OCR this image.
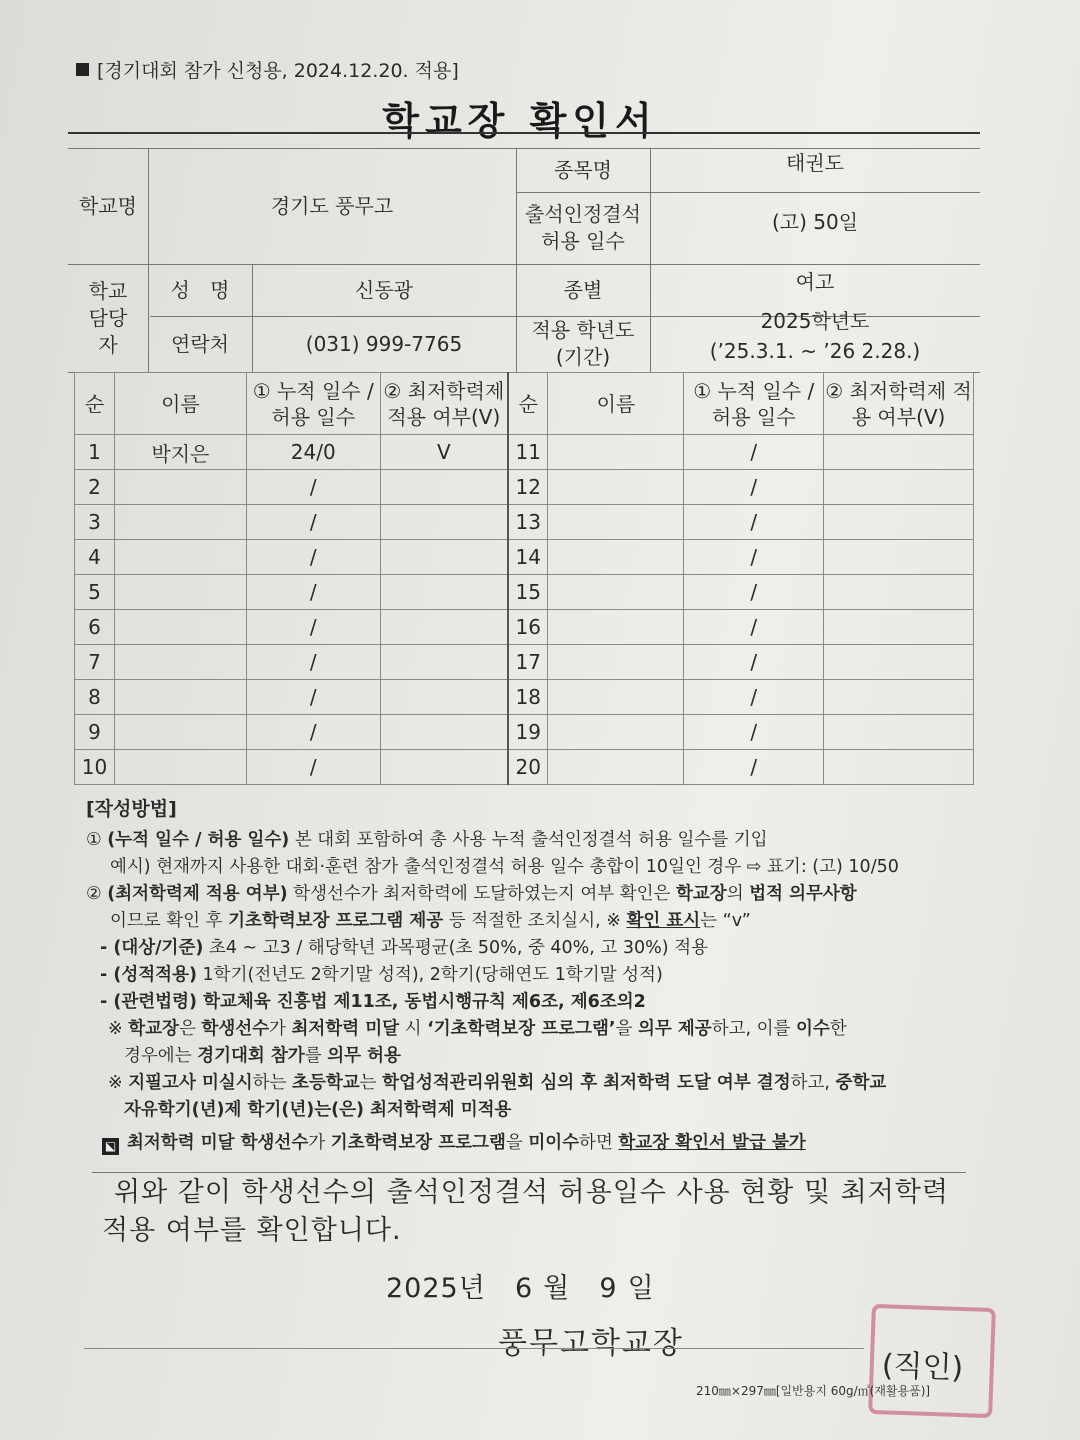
[경기대회 참가 신청용, 2024.12.20. 적용]
학교장 확인서
학교명	경기도 풍무고
종목명	태권도
출석인정결석 허용 일수
(고) 50일
학교 담당자
성 명	신동광
연락처	(031) 999-7765
종별	여고
적용 학년도 (기간)
2025학년도
(’25.3.1. ~ ’26 2.28.)
순	이름	① 누적 일수 / 허용 일수	② 최저학력제 적용 여부(V)	순	이름	① 누적 일수 / 허용 일수	② 최저학력제 적용 여부(V)
1	박지은	24/0	V	11		/	
2		/		12		/	
3		/		13		/	
4		/		14		/	
5		/		15		/	
6		/		16		/	
7		/		17		/	
8		/		18		/	
9		/		19		/	
10		/		20		/	
[작성방법]
① (누적 일수 / 허용 일수) 본 대회 포함하여 총 사용 누적 출석인정결석 허용 일수를 기입
예시) 현재까지 사용한 대회·훈련 참가 출석인정결석 허용 일수 총합이 10일인 경우 ⇨ 표기: (고) 10/50
② (최저학력제 적용 여부) 학생선수가 최저학력에 도달하였는지 여부 확인은 학교장의 법적 의무사항
이므로 확인 후 기초학력보장 프로그램 제공 등 적절한 조치실시, ※ 확인 표시는 “v”
- (대상/기준) 초4 ~ 고3 / 해당학년 과목평균(초 50%, 중 40%, 고 30%) 적용
- (성적적용) 1학기(전년도 2학기말 성적), 2학기(당해연도 1학기말 성적)
- (관련법령) 학교체육 진흥법 제11조, 동법시행규칙 제6조, 제6조의2
※ 학교장은 학생선수가 최저학력 미달 시 ‘기초학력보장 프로그램’을 의무 제공하고, 이를 이수한
경우에는 경기대회 참가를 의무 허용
※ 지필고사 미실시하는 초등학교는 학업성적관리위원회 심의 후 최저학력 도달 여부 결정하고, 중학교
자유학기(년)제 학기(년)는(은) 최저학력제 미적용
⬕ 최저학력 미달 학생선수가 기초학력보장 프로그램을 미이수하면 학교장 확인서 발급 불가
위와 같이 학생선수의 출석인정결석 허용일수 사용 현황 및 최저학력
적용 여부를 확인합니다.
2025년 6 월 9 일
풍무고학교장
(직인)
210㎜×297㎜[일반용지 60g/㎡(재활용품)]
